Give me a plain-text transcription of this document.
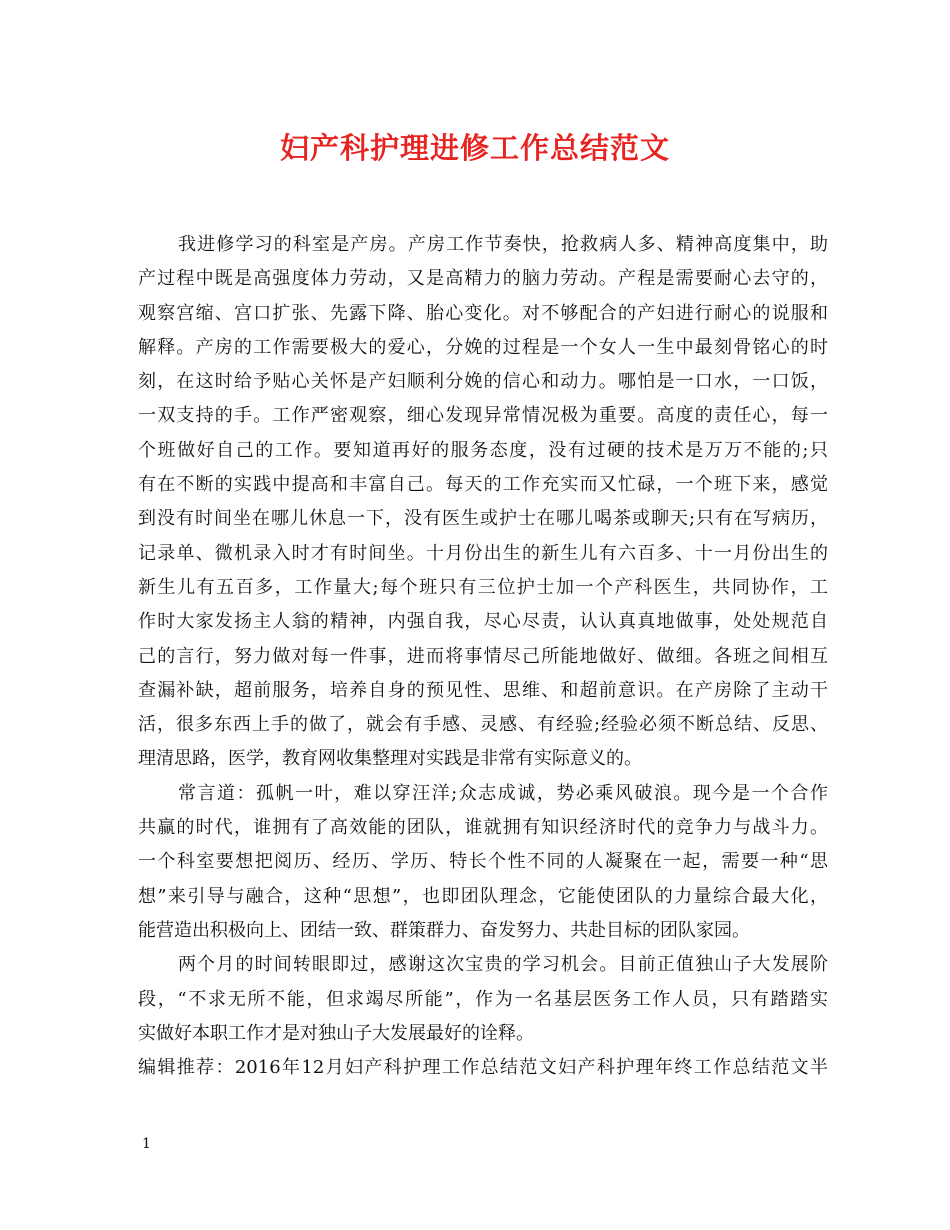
妇产科护理进修工作总结范文
我进修学习的科室是产房。产房工作节奏快，抢救病人多、精神高度集中，助
产过程中既是高强度体力劳动，又是高精力的脑力劳动。产程是需要耐心去守的，
观察宫缩、宫口扩张、先露下降、胎心变化。对不够配合的产妇进行耐心的说服和
解释。产房的工作需要极大的爱心，分娩的过程是一个女人一生中最刻骨铭心的时
刻，在这时给予贴心关怀是产妇顺利分娩的信心和动力。哪怕是一口水，一口饭，
一双支持的手。工作严密观察，细心发现异常情况极为重要。高度的责任心，每一
个班做好自己的工作。要知道再好的服务态度，没有过硬的技术是万万不能的;只
有在不断的实践中提高和丰富自己。每天的工作充实而又忙碌，一个班下来，感觉
到没有时间坐在哪儿休息一下，没有医生或护士在哪儿喝茶或聊天;只有在写病历，
记录单、微机录入时才有时间坐。十月份出生的新生儿有六百多、十一月份出生的
新生儿有五百多，工作量大;每个班只有三位护士加一个产科医生，共同协作，工
作时大家发扬主人翁的精神，内强自我，尽心尽责，认认真真地做事，处处规范自
己的言行，努力做对每一件事，进而将事情尽己所能地做好、做细。各班之间相互
查漏补缺，超前服务，培养自身的预见性、思维、和超前意识。在产房除了主动干
活，很多东西上手的做了，就会有手感、灵感、有经验;经验必须不断总结、反思、
理清思路，医学，教育网收集整理对实践是非常有实际意义的。
常言道：孤帆一叶，难以穿汪洋;众志成诚，势必乘风破浪。现今是一个合作
共赢的时代，谁拥有了高效能的团队，谁就拥有知识经济时代的竞争力与战斗力。
一个科室要想把阅历、经历、学历、特长个性不同的人凝聚在一起，需要一种“思
想”来引导与融合，这种“思想”，也即团队理念，它能使团队的力量综合最大化，
能营造出积极向上、团结一致、群策群力、奋发努力、共赴目标的团队家园。
两个月的时间转眼即过，感谢这次宝贵的学习机会。目前正值独山子大发展阶
段，“不求无所不能，但求竭尽所能”，作为一名基层医务工作人员，只有踏踏实
实做好本职工作才是对独山子大发展最好的诠释。
编辑推荐：2016年12月妇产科护理工作总结范文妇产科护理年终工作总结范文半
1
